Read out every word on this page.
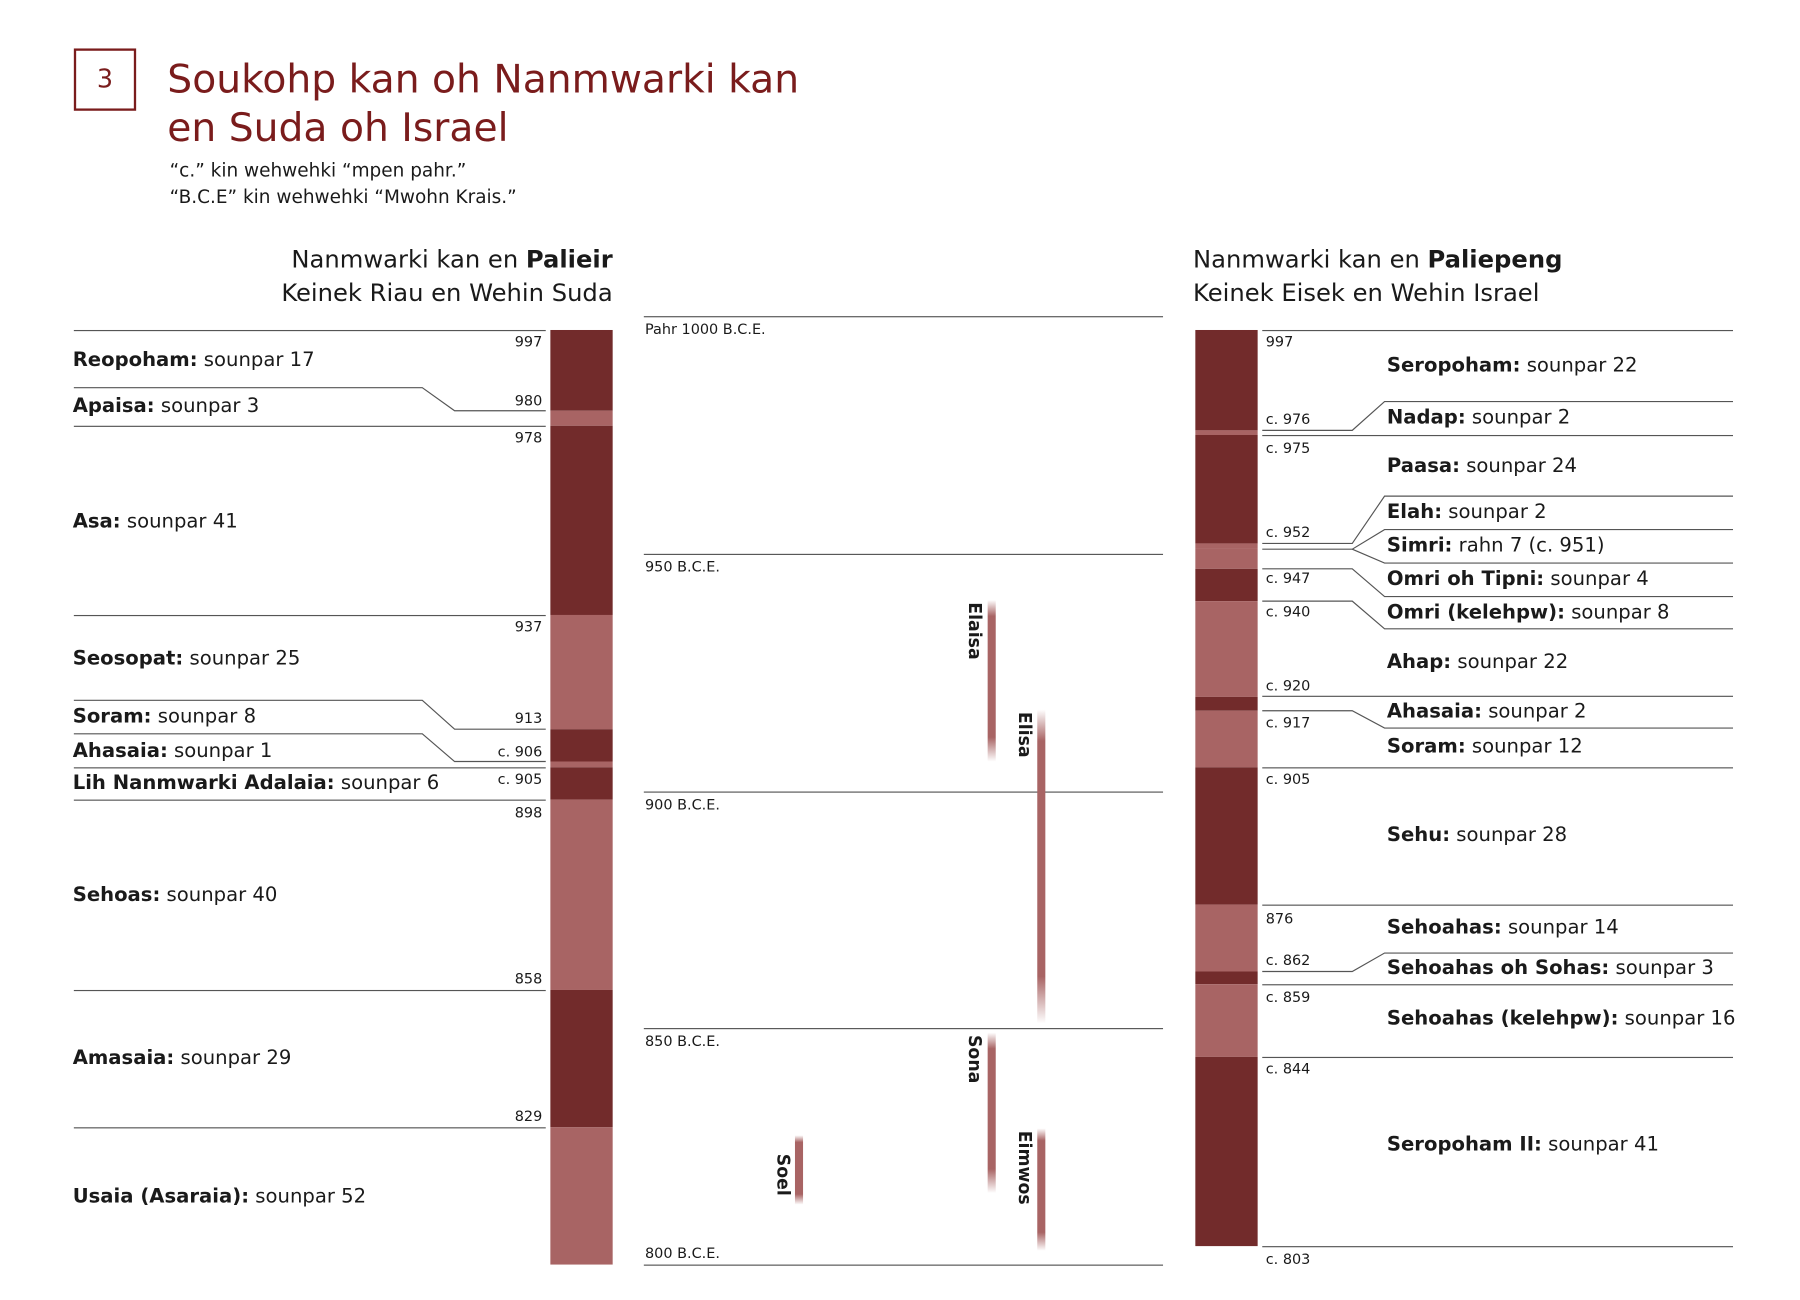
3 Soukohp kan oh Nanmwarki kan
en Suda oh Israel
“c.” kin wehwehki “mpen pahr.”
“B.C.E” kin wehwehki “Mwohn Krais.”
Nanmwarki kan en Palieir
Keinek Riau en Wehin Suda
Nanmwarki kan en Paliepeng
Keinek Eisek en Wehin Israel
Reopoham: sounpar 17
Apaisa: sounpar 3
Asa: sounpar 41
Seosopat: sounpar 25
Soram: sounpar 8
Ahasaia: sounpar 1
Lih Nanmwarki Adalaia: sounpar 6
Sehoas: sounpar 40
Amasaia: sounpar 29
Usaia (Asaraia): sounpar 52
997
980
978
937
913
c. 906
c. 905
898
858
829
Pahr 1000 B.C.E.
950 B.C.E.
900 B.C.E.
850 B.C.E.
800 B.C.E.
Elaisa
Elisa
Sona
Eimwos
Soel
Seropoham: sounpar 22
Nadap: sounpar 2
Paasa: sounpar 24
Elah: sounpar 2
Simri: rahn 7 (c. 951)
Omri oh Tipni: sounpar 4
Omri (kelehpw): sounpar 8
Ahap: sounpar 22
Ahasaia: sounpar 2
Soram: sounpar 12
Sehu: sounpar 28
Sehoahas: sounpar 14
Sehoahas oh Sohas: sounpar 3
Sehoahas (kelehpw): sounpar 16
Seropoham II: sounpar 41
997
c. 976
c. 975
c. 952
c. 947
c. 940
c. 920
c. 917
c. 905
876
c. 862
c. 859
c. 844
c. 803
